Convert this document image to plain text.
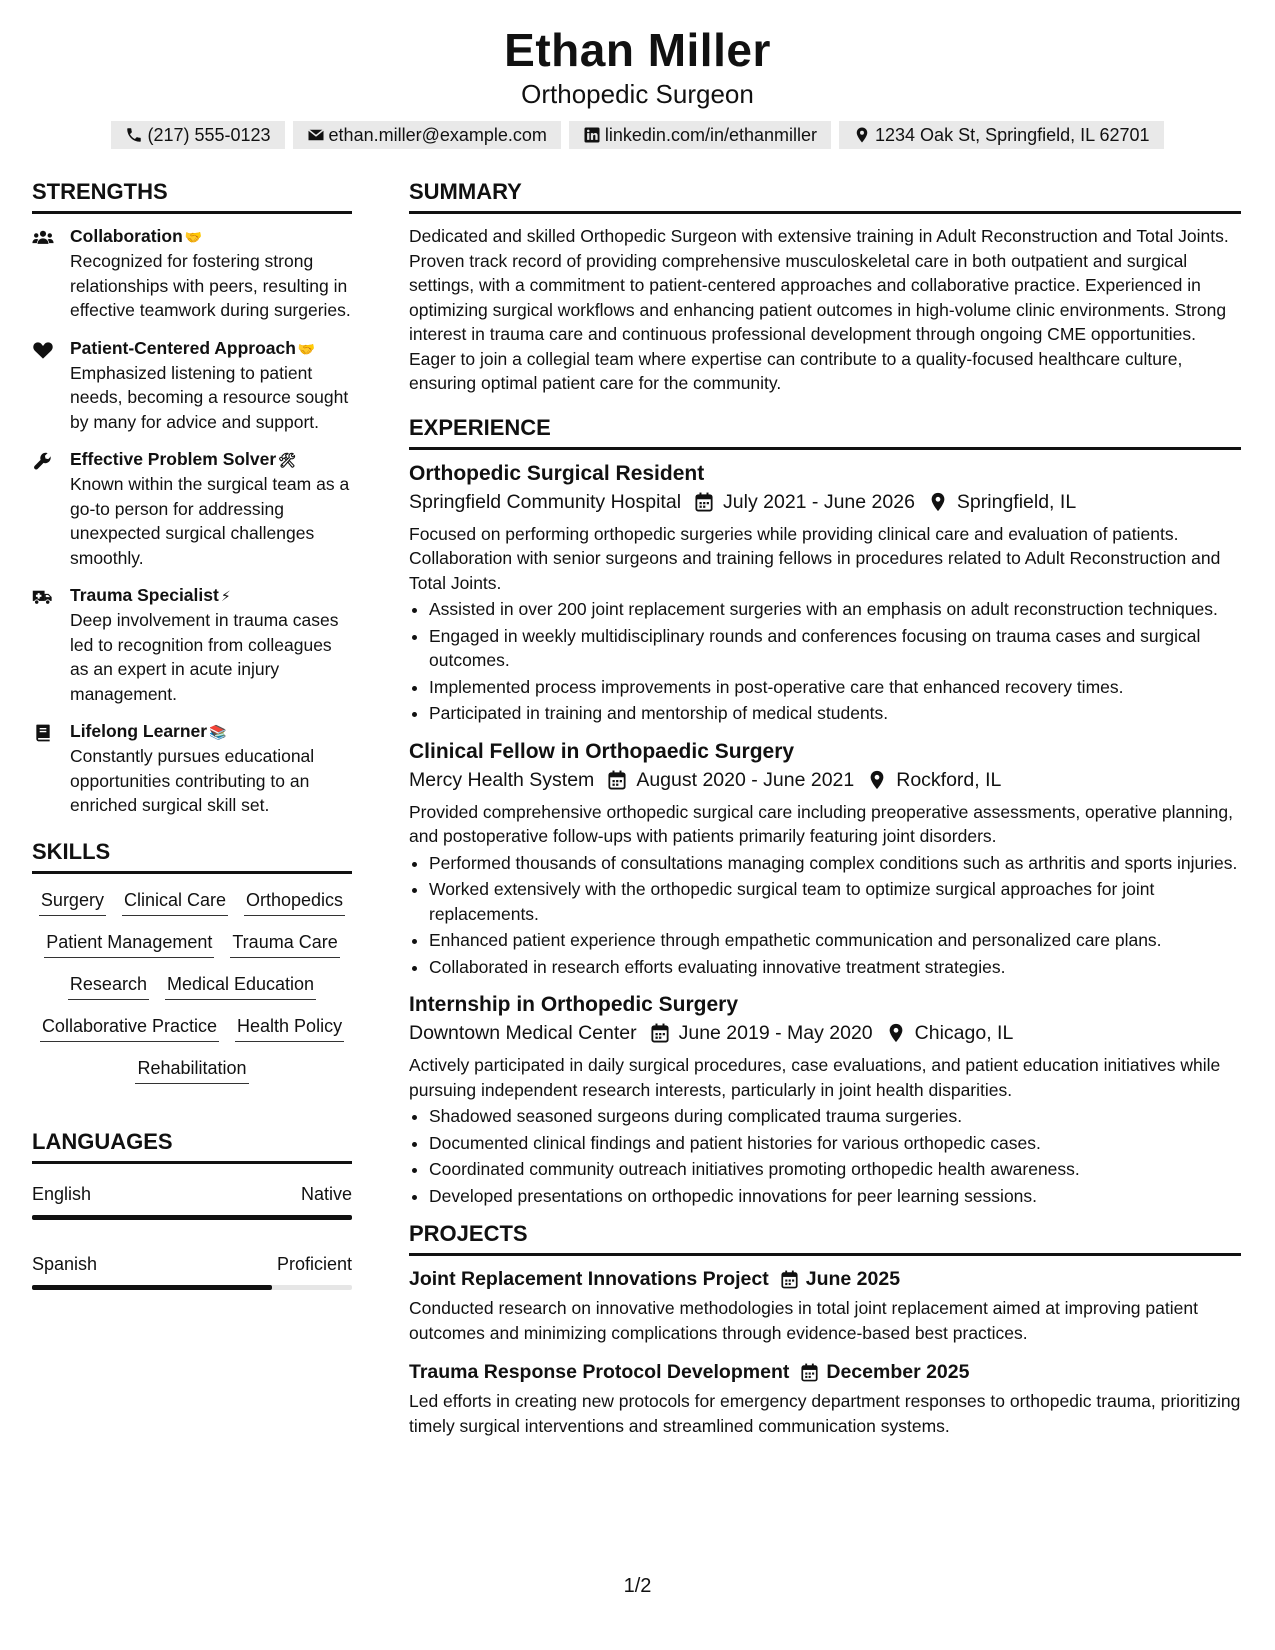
Ethan Miller
Orthopedic Surgeon
(217) 555-0123	ethan.miller@example.com	linkedin.com/in/ethanmiller	1234 Oak St, Springfield, IL 62701
STRENGTHS
Collaboration 🤝
Recognized for fostering strong relationships with peers, resulting in effective teamwork during surgeries.
Patient-Centered Approach 🤝
Emphasized listening to patient needs, becoming a resource sought by many for advice and support.
Effective Problem Solver 🛠
Known within the surgical team as a go-to person for addressing unexpected surgical challenges smoothly.
Trauma Specialist ⚡
Deep involvement in trauma cases led to recognition from colleagues as an expert in acute injury management.
Lifelong Learner 📚
Constantly pursues educational opportunities contributing to an enriched surgical skill set.
SKILLS
Surgery Clinical Care Orthopedics
Patient Management Trauma Care
Research Medical Education
Collaborative Practice Health Policy
Rehabilitation
LANGUAGES
English	Native
Spanish	Proficient
SUMMARY
Dedicated and skilled Orthopedic Surgeon with extensive training in Adult Reconstruction and Total Joints. Proven track record of providing comprehensive musculoskeletal care in both outpatient and surgical settings, with a commitment to patient-centered approaches and collaborative practice. Experienced in optimizing surgical workflows and enhancing patient outcomes in high-volume clinic environments. Strong interest in trauma care and continuous professional development through ongoing CME opportunities. Eager to join a collegial team where expertise can contribute to a quality-focused healthcare culture, ensuring optimal patient care for the community.
EXPERIENCE
Orthopedic Surgical Resident
Springfield Community Hospital July 2021 - June 2026 Springfield, IL
Focused on performing orthopedic surgeries while providing clinical care and evaluation of patients. Collaboration with senior surgeons and training fellows in procedures related to Adult Reconstruction and Total Joints.
• Assisted in over 200 joint replacement surgeries with an emphasis on adult reconstruction techniques.
• Engaged in weekly multidisciplinary rounds and conferences focusing on trauma cases and surgical outcomes.
• Implemented process improvements in post-operative care that enhanced recovery times.
• Participated in training and mentorship of medical students.
Clinical Fellow in Orthopaedic Surgery
Mercy Health System August 2020 - June 2021 Rockford, IL
Provided comprehensive orthopedic surgical care including preoperative assessments, operative planning, and postoperative follow-ups with patients primarily featuring joint disorders.
• Performed thousands of consultations managing complex conditions such as arthritis and sports injuries.
• Worked extensively with the orthopedic surgical team to optimize surgical approaches for joint replacements.
• Enhanced patient experience through empathetic communication and personalized care plans.
• Collaborated in research efforts evaluating innovative treatment strategies.
Internship in Orthopedic Surgery
Downtown Medical Center June 2019 - May 2020 Chicago, IL
Actively participated in daily surgical procedures, case evaluations, and patient education initiatives while pursuing independent research interests, particularly in joint health disparities.
• Shadowed seasoned surgeons during complicated trauma surgeries.
• Documented clinical findings and patient histories for various orthopedic cases.
• Coordinated community outreach initiatives promoting orthopedic health awareness.
• Developed presentations on orthopedic innovations for peer learning sessions.
PROJECTS
Joint Replacement Innovations Project June 2025
Conducted research on innovative methodologies in total joint replacement aimed at improving patient outcomes and minimizing complications through evidence-based best practices.
Trauma Response Protocol Development December 2025
Led efforts in creating new protocols for emergency department responses to orthopedic trauma, prioritizing timely surgical interventions and streamlined communication systems.
1/2
